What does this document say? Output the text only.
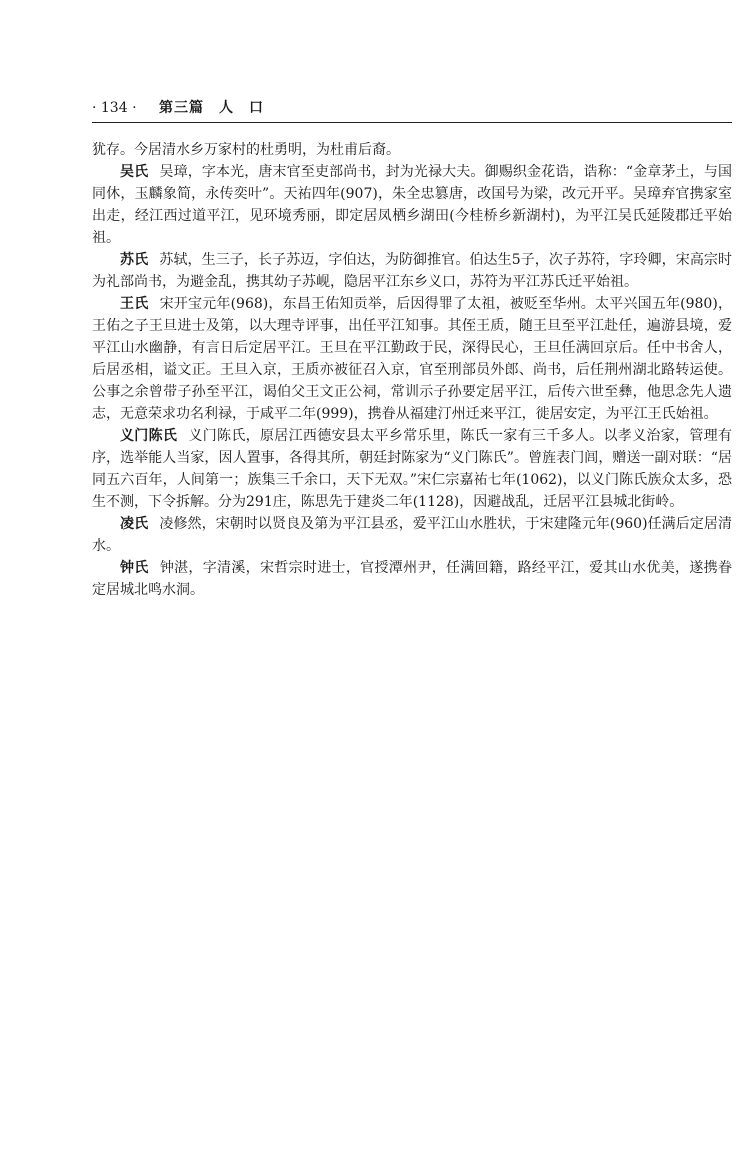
· 134 · 第三篇　人　口

犹存。今居清水乡万家村的杜勇明，为杜甫后裔。

吴氏 吴璋，字本光，唐末官至吏部尚书，封为光禄大夫。御赐织金花诰，诰称：“金章茅土，与国同休，玉麟象简，永传奕叶”。天祐四年(907)，朱全忠篡唐，改国号为梁，改元开平。吴璋弃官携家室出走，经江西过道平江，见环境秀丽，即定居凤栖乡湖田(今桂桥乡新湖村)，为平江吴氏延陵郡迁平始祖。

苏氏 苏轼，生三子，长子苏迈，字伯达，为防御推官。伯达生5子，次子苏符，字玲卿，宋高宗时为礼部尚书，为避金乱，携其幼子苏岘，隐居平江东乡义口，苏符为平江苏氏迁平始祖。

王氏 宋开宝元年(968)，东昌王佑知贡举，后因得罪了太祖，被贬至华州。太平兴国五年(980)，王佑之子王旦进士及第，以大理寺评事，出任平江知事。其侄王质，随王旦至平江赴任，遍游县境，爱平江山水幽静，有言日后定居平江。王旦在平江勤政于民，深得民心，王旦任满回京后。任中书舍人，后居丞相，谥文正。王旦入京，王质亦被征召入京，官至刑部员外郎、尚书，后任荆州湖北路转运使。公事之余曾带子孙至平江，谒伯父王文正公祠，常训示子孙要定居平江，后传六世至彝，他思念先人遗志，无意荣求功名利禄，于咸平二年(999)，携眷从福建汀州迁来平江，徙居安定，为平江王氏始祖。

义门陈氏 义门陈氏，原居江西德安县太平乡常乐里，陈氏一家有三千多人。以孝义治家，管理有序，选举能人当家，因人置事，各得其所，朝廷封陈家为“义门陈氏”。曾旌表门闾，赠送一副对联：“居同五六百年，人间第一；族集三千余口，天下无双。”宋仁宗嘉祐七年(1062)，以义门陈氏族众太多，恐生不测，下令拆解。分为291庄，陈思先于建炎二年(1128)，因避战乱，迁居平江县城北街岭。

凌氏 凌修然，宋朝时以贤良及第为平江县丞，爱平江山水胜状，于宋建隆元年(960)任满后定居清水。

钟氏 钟湛，字清溪，宋哲宗时进士，官授潭州尹，任满回籍，路经平江，爱其山水优美，遂携眷定居城北鸣水洞。
